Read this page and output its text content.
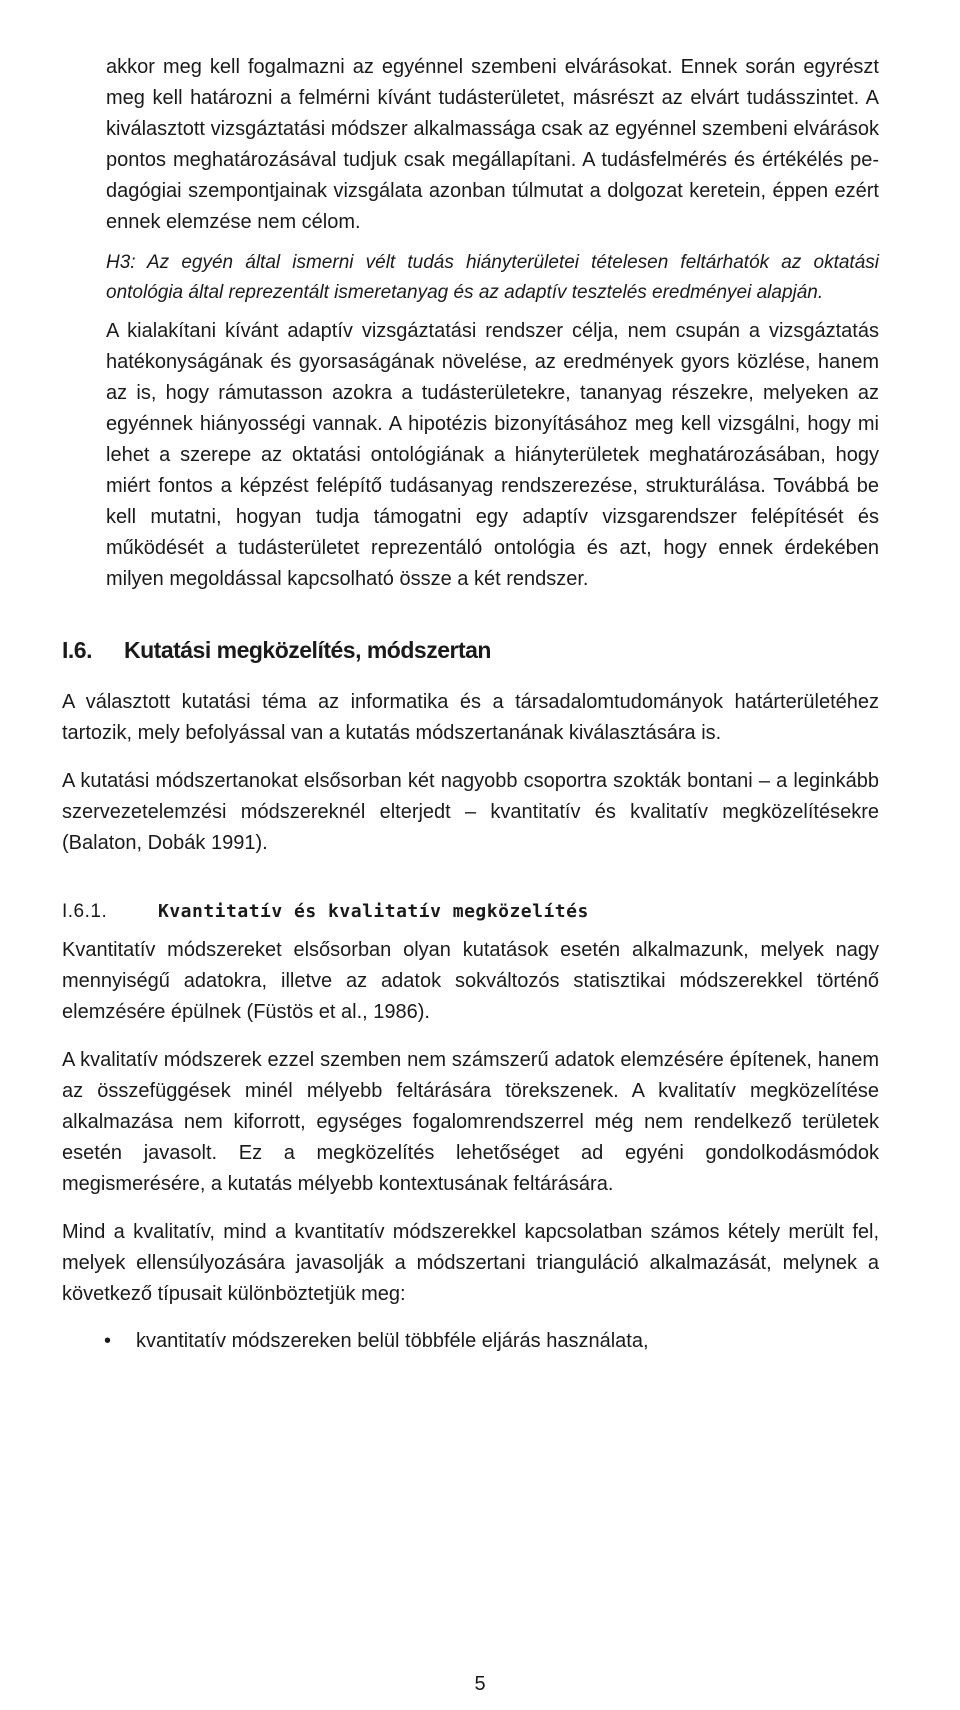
akkor meg kell fogalmazni az egyénnel szembeni elvárásokat. Ennek során egyrészt meg kell határozni a felmérni kívánt tudásterületet, másrészt az elvárt tudásszintet. A kiválasztott vizsgáztatási módszer alkalmassága csak az egyénnel szembeni elvárások pontos meghatározásával tudjuk csak megállapítani. A tudásfelmérés és értékélés pedagógiai szempontjainak vizsgálata azonban túlmutat a dolgozat keretein, éppen ezért ennek elemzése nem célom.

H3: Az egyén által ismerni vélt tudás hiányterületei tételesen feltárhatók az oktatási ontológia által reprezentált ismeretanyag és az adaptív tesztelés eredményei alapján.

A kialakítani kívánt adaptív vizsgáztatási rendszer célja, nem csupán a vizsgáztatás hatékonyságának és gyorsaságának növelése, az eredmények gyors közlése, hanem az is, hogy rámutasson azokra a tudásterületekre, tananyag részekre, melyeken az egyénnek hiányosségi vannak. A hipotézis bizonyításához meg kell vizsgálni, hogy mi lehet a szerepe az oktatási ontológiának a hiányterületek meghatározásában, hogy miért fontos a képzést felépítő tudásanyag rendszerezése, strukturálása. Továbbá be kell mutatni, hogyan tudja támogatni egy adaptív vizsgarendszer felépítését és működését a tudásterületet reprezentáló ontológia és azt, hogy ennek érdekében milyen megoldással kapcsolható össze a két rendszer.

I.6.	Kutatási megközelítés, módszertan

A választott kutatási téma az informatika és a társadalomtudományok határterületéhez tartozik, mely befolyással van a kutatás módszertanának kiválasztására is.

A kutatási módszertanokat elsősorban két nagyobb csoportra szokták bontani – a leginkább szervezetelemzési módszereknél elterjedt – kvantitatív és kvalitatív megközelítésekre (Balaton, Dobák 1991).

I.6.1.	Kvantitatív és kvalitatív megközelítés

Kvantitatív módszereket elsősorban olyan kutatások esetén alkalmazunk, melyek nagy mennyiségű adatokra, illetve az adatok sokváltozós statisztikai módszerekkel történő elemzésére épülnek (Füstös et al., 1986).

A kvalitatív módszerek ezzel szemben nem számszerű adatok elemzésére építenek, hanem az összefüggések minél mélyebb feltárására törekszenek. A kvalitatív megközelítése alkalmazása nem kiforrott, egységes fogalomrendszerrel még nem rendelkező területek esetén javasolt. Ez a megközelítés lehetőséget ad egyéni gondolkodásmódok megismerésére, a kutatás mélyebb kontextusának feltárására.

Mind a kvalitatív, mind a kvantitatív módszerekkel kapcsolatban számos kétely merült fel, melyek ellensúlyozására javasolják a módszertani trianguláció alkalmazását, melynek a következő típusait különböztetjük meg:

•	kvantitatív módszereken belül többféle eljárás használata,
5
